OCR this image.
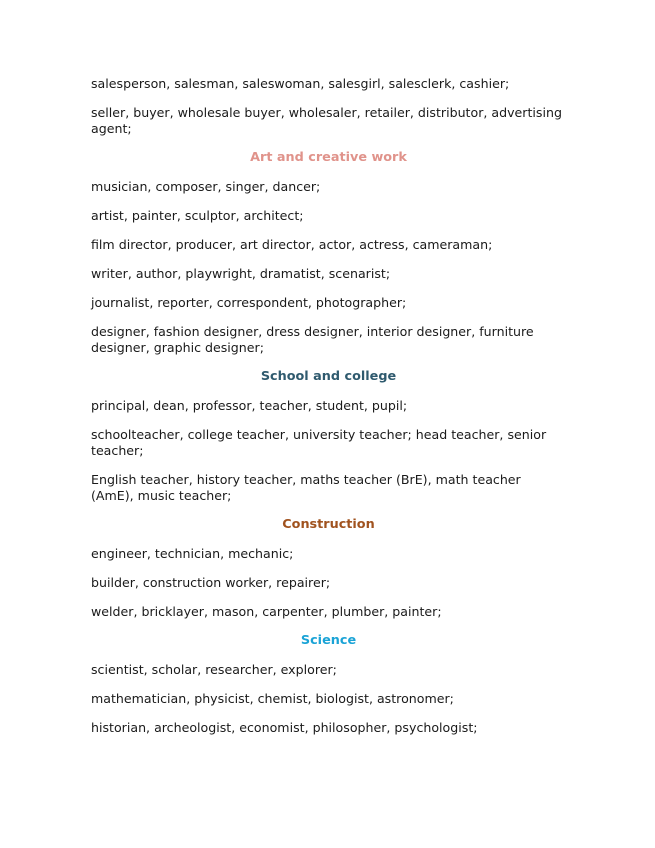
salesperson, salesman, saleswoman, salesgirl, salesclerk, cashier;

seller, buyer, wholesale buyer, wholesaler, retailer, distributor, advertising agent;

Art and creative work

musician, composer, singer, dancer;

artist, painter, sculptor, architect;

film director, producer, art director, actor, actress, cameraman;

writer, author, playwright, dramatist, scenarist;

journalist, reporter, correspondent, photographer;

designer, fashion designer, dress designer, interior designer, furniture designer, graphic designer;

School and college

principal, dean, professor, teacher, student, pupil;

schoolteacher, college teacher, university teacher; head teacher, senior teacher;

English teacher, history teacher, maths teacher (BrE), math teacher (AmE), music teacher;

Construction

engineer, technician, mechanic;

builder, construction worker, repairer;

welder, bricklayer, mason, carpenter, plumber, painter;

Science

scientist, scholar, researcher, explorer;

mathematician, physicist, chemist, biologist, astronomer;

historian, archeologist, economist, philosopher, psychologist;
